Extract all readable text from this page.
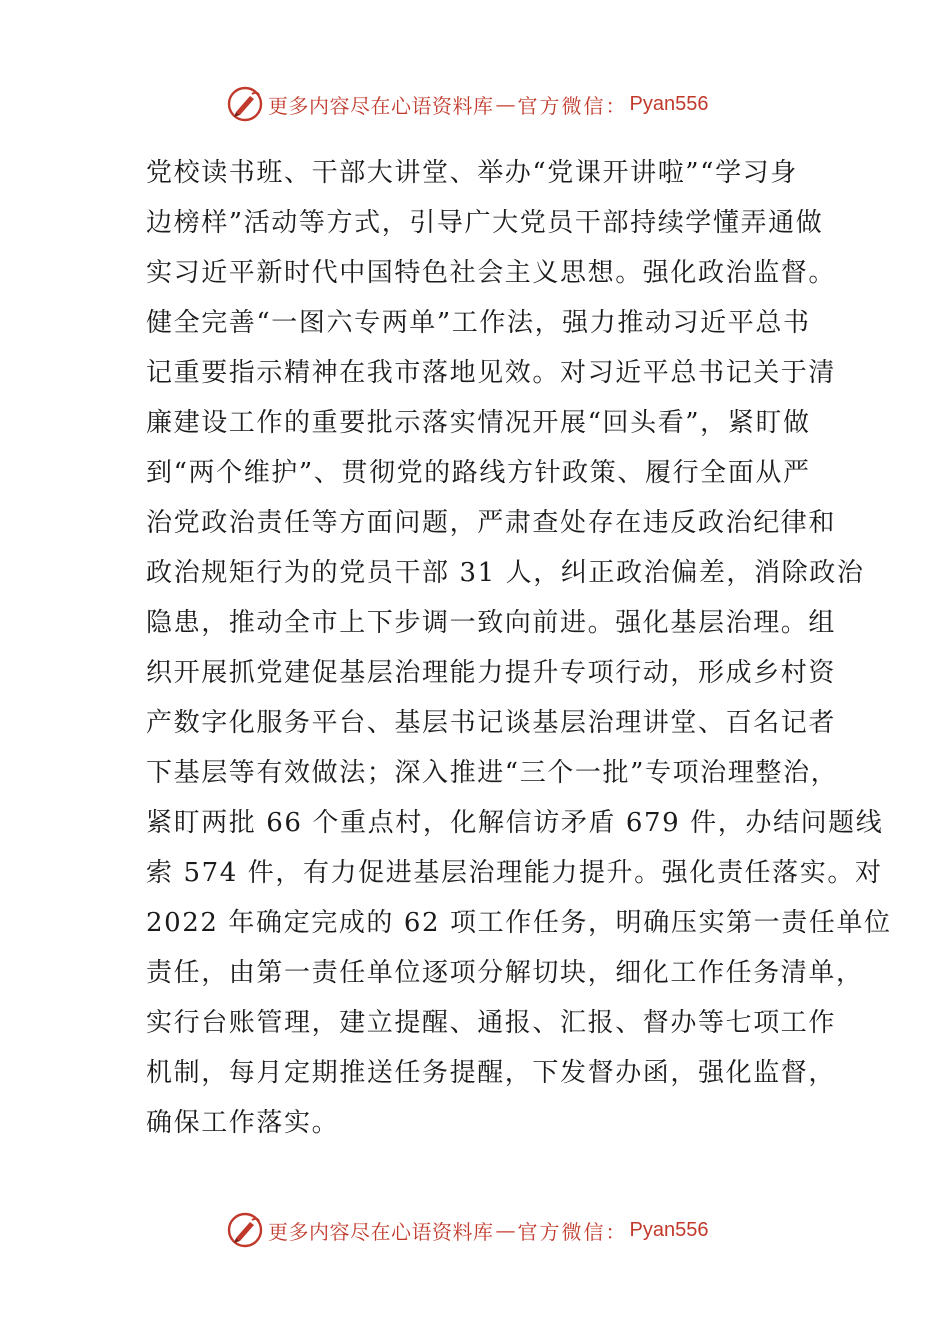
更多内容尽在心语资料库 — 官方微信： Pyan556
党校读书班、干部大讲堂、举办“党课开讲啦”“学习身
边榜样”活动等方式，引导广大党员干部持续学懂弄通做
实习近平新时代中国特色社会主义思想。强化政治监督。
健全完善“一图六专两单”工作法，强力推动习近平总书
记重要指示精神在我市落地见效。对习近平总书记关于清
廉建设工作的重要批示落实情况开展“回头看”，紧盯做
到“两个维护”、贯彻党的路线方针政策、履行全面从严
治党政治责任等方面问题，严肃查处存在违反政治纪律和
政治规矩行为的党员干部 31 人，纠正政治偏差，消除政治
隐患，推动全市上下步调一致向前进。强化基层治理。组
织开展抓党建促基层治理能力提升专项行动，形成乡村资
产数字化服务平台、基层书记谈基层治理讲堂、百名记者
下基层等有效做法；深入推进“三个一批”专项治理整治，
紧盯两批 66 个重点村，化解信访矛盾 679 件，办结问题线
索 574 件，有力促进基层治理能力提升。强化责任落实。对
2022 年确定完成的 62 项工作任务，明确压实第一责任单位
责任，由第一责任单位逐项分解切块，细化工作任务清单，
实行台账管理，建立提醒、通报、汇报、督办等七项工作
机制，每月定期推送任务提醒，下发督办函，强化监督，
确保工作落实。
更多内容尽在心语资料库 — 官方微信： Pyan556
